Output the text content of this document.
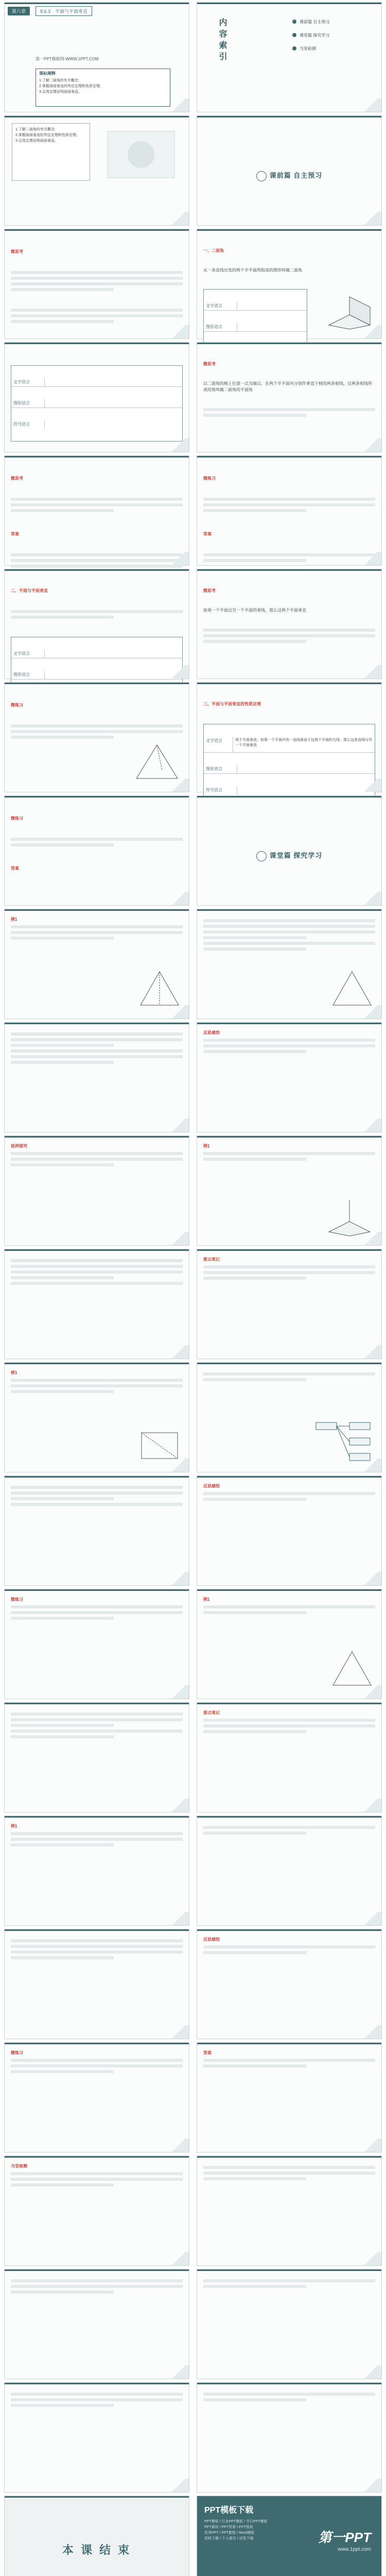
第八章	8.6.3　平面与平面垂直
第一PPT模板网-WWW.1PPT.COM
课标阐释
1.了解二面角的有关概念;
2.掌握面面垂直的判定定理和性质定理;
3.会用定理证明面面垂直。
内容索引	课前篇 自主预习
课堂篇 探究学习
当堂检测
1.了解二面角的有关概念;
2.掌握面面垂直的判定定理和性质定理;
3.会用定理证明面面垂直。
课前篇 自主预习

微思考

	一、二面角

从一条直线出发的两个半平面所组成的图形叫做二面角

文字语言

图形语言

文字语言

图形语言

符号语言

微思考

以二面角的棱上任意一点为端点，在两个半平面内分别作垂直于棱的两条射线，这两条射线所成的角叫做二面角的平面角

微思考

答案

微练习

答案

二、平面与平面垂直

文字语言

图形语言

微思考

如果一个平面过另一个平面的垂线，那么这两个平面垂直

微练习

	三、平面与平面垂直的性质定理

文字语言	两个平面垂直，如果一个平面内有一直线垂直于这两个平面的交线，那么这条直线与另一个平面垂直

图形语言

符号语言

微练习

答案

课堂篇 探究学习
例1
反思感悟
延伸探究	例1
要点笔记
例1
反思感悟
微练习	例1
要点笔记
例1
反思感悟
微练习	答案
当堂检测
本 课 结 束
PPT模板下载
PPT模板 / 行业PPT模板 / 节日PPT模板
PPT素材 / PPT背景 / PPT图表
优秀PPT / PPT教程 / Word模板
资料下载 / 个人简历 / 试卷下载	第一PPT
www.1ppt.com
